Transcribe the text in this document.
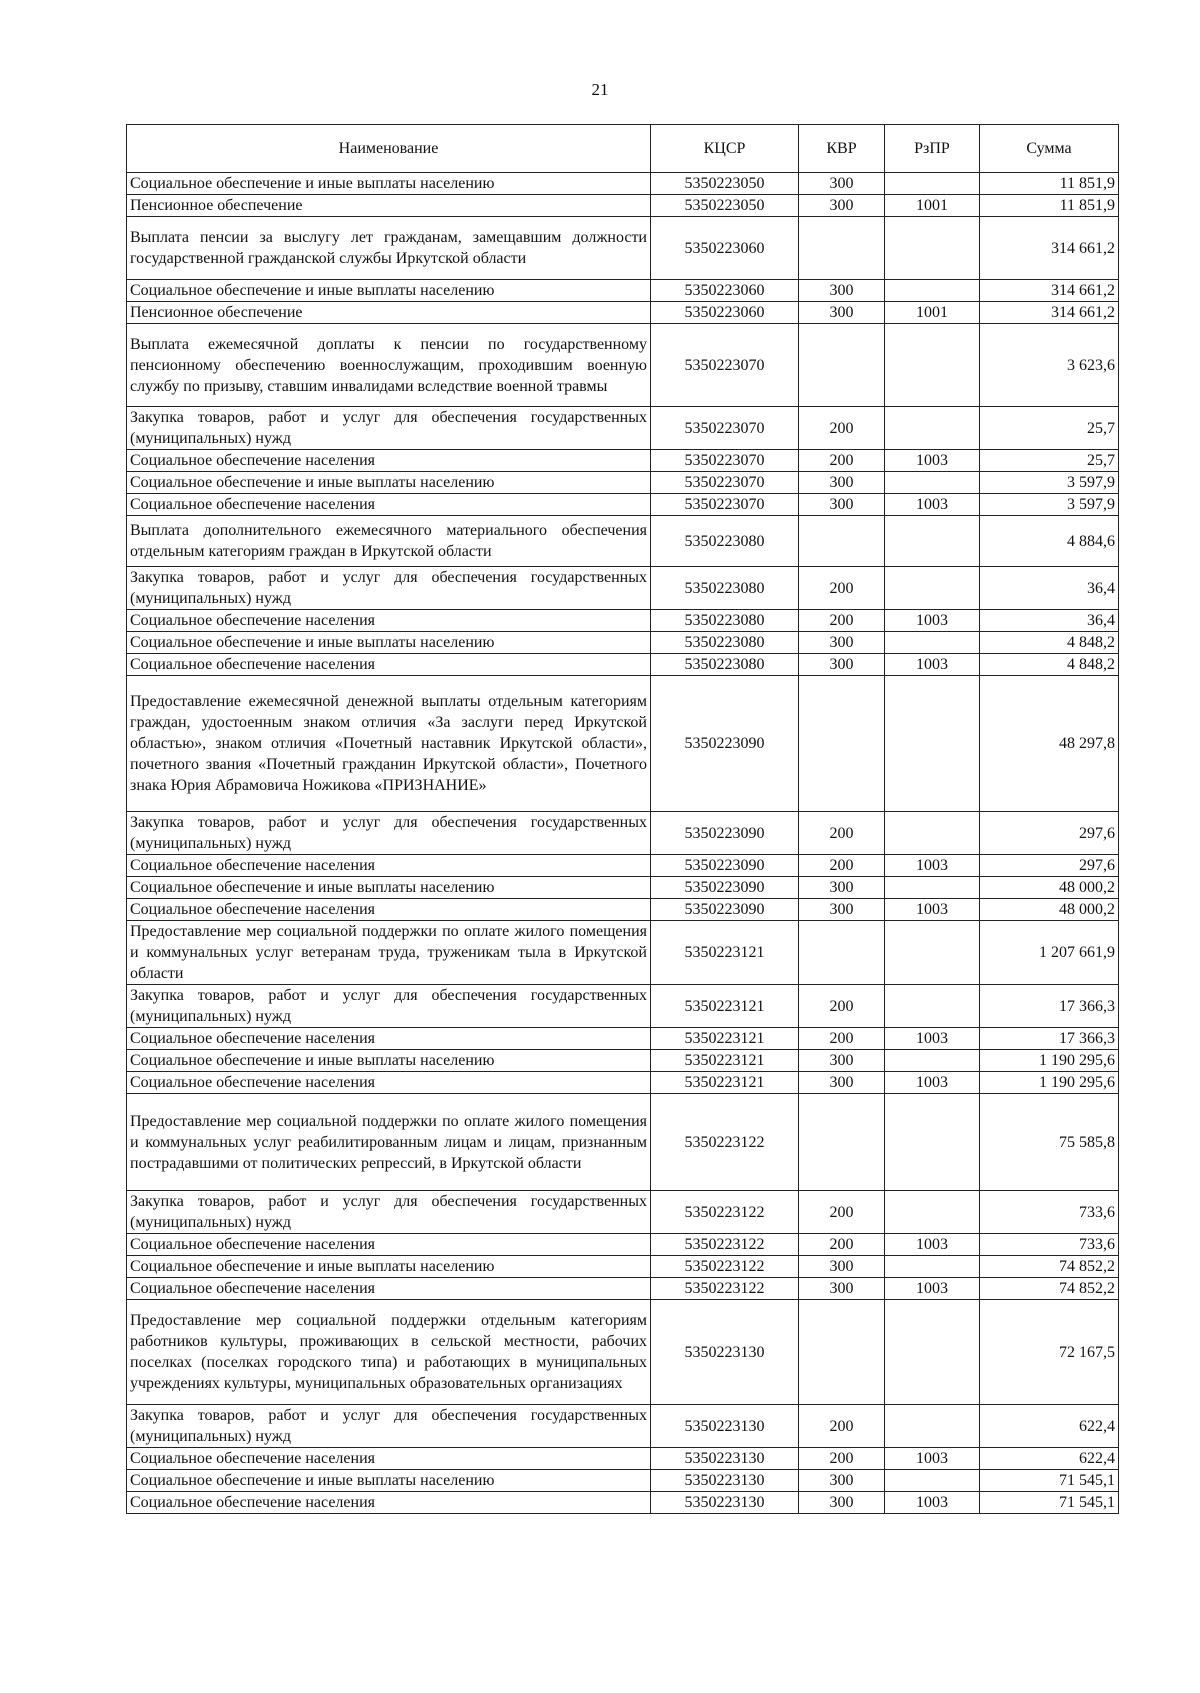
21
Наименование	КЦСР	КВР	РзПР	Сумма
Социальное обеспечение и иные выплаты населению	5350223050	300		11 851,9
Пенсионное обеспечение	5350223050	300	1001	11 851,9
Выплата пенсии за выслугу лет гражданам, замещавшим должности государственной гражданской службы Иркутской области	5350223060			314 661,2
Социальное обеспечение и иные выплаты населению	5350223060	300		314 661,2
Пенсионное обеспечение	5350223060	300	1001	314 661,2
Выплата ежемесячной доплаты к пенсии по государственному пенсионному обеспечению военнослужащим, проходившим военную службу по призыву, ставшим инвалидами вследствие военной травмы	5350223070			3 623,6
Закупка товаров, работ и услуг для обеспечения государственных (муниципальных) нужд	5350223070	200		25,7
Социальное обеспечение населения	5350223070	200	1003	25,7
Социальное обеспечение и иные выплаты населению	5350223070	300		3 597,9
Социальное обеспечение населения	5350223070	300	1003	3 597,9
Выплата дополнительного ежемесячного материального обеспечения отдельным категориям граждан в Иркутской области	5350223080			4 884,6
Закупка товаров, работ и услуг для обеспечения государственных (муниципальных) нужд	5350223080	200		36,4
Социальное обеспечение населения	5350223080	200	1003	36,4
Социальное обеспечение и иные выплаты населению	5350223080	300		4 848,2
Социальное обеспечение населения	5350223080	300	1003	4 848,2
Предоставление ежемесячной денежной выплаты отдельным категориям граждан, удостоенным знаком отличия «За заслуги перед Иркутской областью», знаком отличия «Почетный наставник Иркутской области», почетного звания «Почетный гражданин Иркутской области», Почетного знака Юрия Абрамовича Ножикова «ПРИЗНАНИЕ»	5350223090			48 297,8
Закупка товаров, работ и услуг для обеспечения государственных (муниципальных) нужд	5350223090	200		297,6
Социальное обеспечение населения	5350223090	200	1003	297,6
Социальное обеспечение и иные выплаты населению	5350223090	300		48 000,2
Социальное обеспечение населения	5350223090	300	1003	48 000,2
Предоставление мер социальной поддержки по оплате жилого помещения и коммунальных услуг ветеранам труда, труженикам тыла в Иркутской области	5350223121			1 207 661,9
Закупка товаров, работ и услуг для обеспечения государственных (муниципальных) нужд	5350223121	200		17 366,3
Социальное обеспечение населения	5350223121	200	1003	17 366,3
Социальное обеспечение и иные выплаты населению	5350223121	300		1 190 295,6
Социальное обеспечение населения	5350223121	300	1003	1 190 295,6
Предоставление мер социальной поддержки по оплате жилого помещения и коммунальных услуг реабилитированным лицам и лицам, признанным пострадавшими от политических репрессий, в Иркутской области	5350223122			75 585,8
Закупка товаров, работ и услуг для обеспечения государственных (муниципальных) нужд	5350223122	200		733,6
Социальное обеспечение населения	5350223122	200	1003	733,6
Социальное обеспечение и иные выплаты населению	5350223122	300		74 852,2
Социальное обеспечение населения	5350223122	300	1003	74 852,2
Предоставление мер социальной поддержки отдельным категориям работников культуры, проживающих в сельской местности, рабочих поселках (поселках городского типа) и работающих в муниципальных учреждениях культуры, муниципальных образовательных организациях	5350223130			72 167,5
Закупка товаров, работ и услуг для обеспечения государственных (муниципальных) нужд	5350223130	200		622,4
Социальное обеспечение населения	5350223130	200	1003	622,4
Социальное обеспечение и иные выплаты населению	5350223130	300		71 545,1
Социальное обеспечение населения	5350223130	300	1003	71 545,1
